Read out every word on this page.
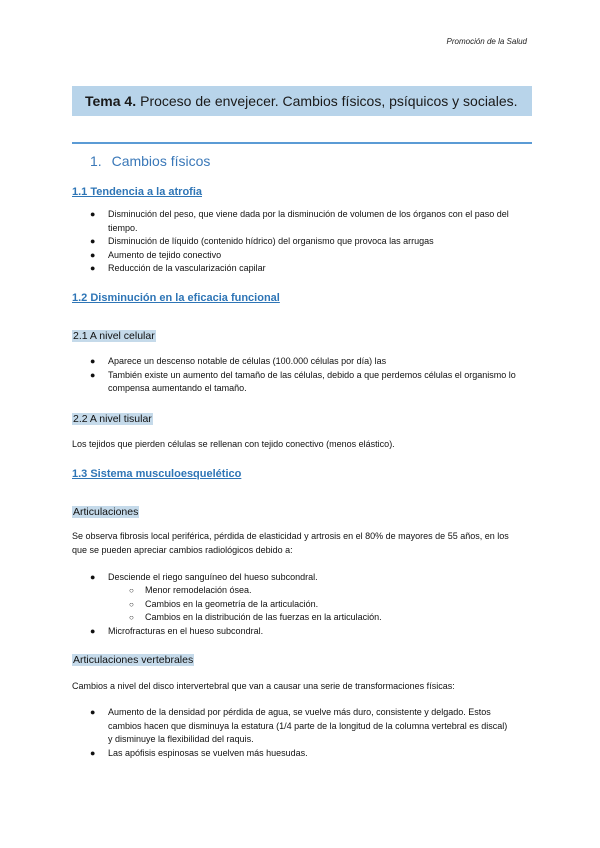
Promoción de la Salud
Tema 4. Proceso de envejecer. Cambios físicos, psíquicos y sociales.
1. Cambios físicos
1.1 Tendencia a la atrofia
● Disminución del peso, que viene dada por la disminución de volumen de los órganos con el paso del tiempo.
● Disminución de líquido (contenido hídrico) del organismo que provoca las arrugas
● Aumento de tejido conectivo
● Reducción de la vascularización capilar
1.2 Disminución en la eficacia funcional
2.1 A nivel celular
● Aparece un descenso notable de células (100.000 células por día) las
● También existe un aumento del tamaño de las células, debido a que perdemos células el organismo lo compensa aumentando el tamaño.
2.2 A nivel tisular
Los tejidos que pierden células se rellenan con tejido conectivo (menos elástico).
1.3 Sistema musculoesquelético
Articulaciones
Se observa fibrosis local periférica, pérdida de elasticidad y artrosis en el 80% de mayores de 55 años, en los que se pueden apreciar cambios radiológicos debido a:
● Desciende el riego sanguíneo del hueso subcondral.
○ Menor remodelación ósea.
○ Cambios en la geometría de la articulación.
○ Cambios en la distribución de las fuerzas en la articulación.
● Microfracturas en el hueso subcondral.
Articulaciones vertebrales
Cambios a nivel del disco intervertebral que van a causar una serie de transformaciones físicas:
● Aumento de la densidad por pérdida de agua, se vuelve más duro, consistente y delgado. Estos cambios hacen que disminuya la estatura (1/4 parte de la longitud de la columna vertebral es discal) y disminuye la flexibilidad del raquis.
● Las apófisis espinosas se vuelven más huesudas.
